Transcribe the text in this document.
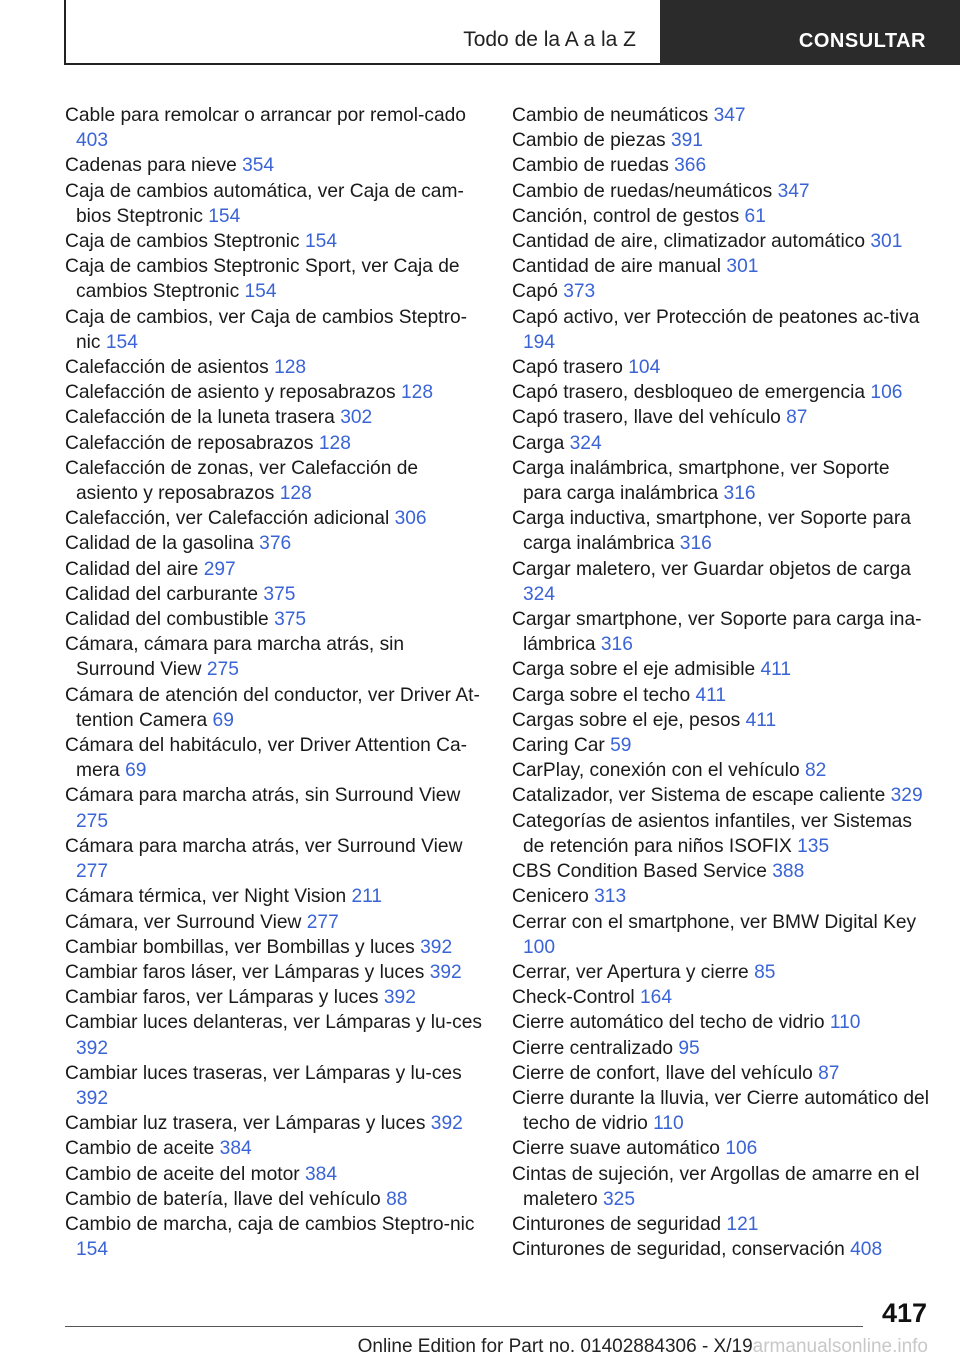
Todo de la A a la Z	CONSULTAR
Cable para remolcar o arrancar por remol-cado 403
Cadenas para nieve 354
Caja de cambios automática, ver Caja de cam-bios Steptronic 154
Caja de cambios Steptronic 154
Caja de cambios Steptronic Sport, ver Caja de cambios Steptronic 154
Caja de cambios, ver Caja de cambios Steptro-nic 154
Calefacción de asientos 128
Calefacción de asiento y reposabrazos 128
Calefacción de la luneta trasera 302
Calefacción de reposabrazos 128
Calefacción de zonas, ver Calefacción de asiento y reposabrazos 128
Calefacción, ver Calefacción adicional 306
Calidad de la gasolina 376
Calidad del aire 297
Calidad del carburante 375
Calidad del combustible 375
Cámara, cámara para marcha atrás, sin Surround View 275
Cámara de atención del conductor, ver Driver At-tention Camera 69
Cámara del habitáculo, ver Driver Attention Ca-mera 69
Cámara para marcha atrás, sin Surround View 275
Cámara para marcha atrás, ver Surround View 277
Cámara térmica, ver Night Vision 211
Cámara, ver Surround View 277
Cambiar bombillas, ver Bombillas y luces 392
Cambiar faros láser, ver Lámparas y luces 392
Cambiar faros, ver Lámparas y luces 392
Cambiar luces delanteras, ver Lámparas y lu-ces 392
Cambiar luces traseras, ver Lámparas y lu-ces 392
Cambiar luz trasera, ver Lámparas y luces 392
Cambio de aceite 384
Cambio de aceite del motor 384
Cambio de batería, llave del vehículo 88
Cambio de marcha, caja de cambios Steptro-nic 154
Cambio de neumáticos 347
Cambio de piezas 391
Cambio de ruedas 366
Cambio de ruedas/neumáticos 347
Canción, control de gestos 61
Cantidad de aire, climatizador automático 301
Cantidad de aire manual 301
Capó 373
Capó activo, ver Protección de peatones ac-tiva 194
Capó trasero 104
Capó trasero, desbloqueo de emergencia 106
Capó trasero, llave del vehículo 87
Carga 324
Carga inalámbrica, smartphone, ver Soporte para carga inalámbrica 316
Carga inductiva, smartphone, ver Soporte para carga inalámbrica 316
Cargar maletero, ver Guardar objetos de carga 324
Cargar smartphone, ver Soporte para carga ina-lámbrica 316
Carga sobre el eje admisible 411
Carga sobre el techo 411
Cargas sobre el eje, pesos 411
Caring Car 59
CarPlay, conexión con el vehículo 82
Catalizador, ver Sistema de escape caliente 329
Categorías de asientos infantiles, ver Sistemas de retención para niños ISOFIX 135
CBS Condition Based Service 388
Cenicero 313
Cerrar con el smartphone, ver BMW Digital Key 100
Cerrar, ver Apertura y cierre 85
Check-Control 164
Cierre automático del techo de vidrio 110
Cierre centralizado 95
Cierre de confort, llave del vehículo 87
Cierre durante la lluvia, ver Cierre automático del techo de vidrio 110
Cierre suave automático 106
Cintas de sujeción, ver Argollas de amarre en el maletero 325
Cinturones de seguridad 121
Cinturones de seguridad, conservación 408
417
Online Edition for Part no. 01402884306 - X/19armanualsonline.info
